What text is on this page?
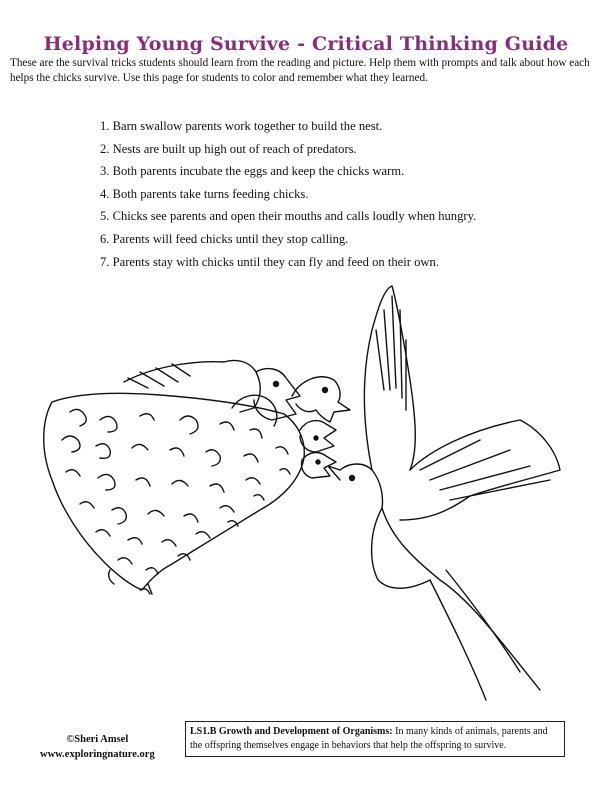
Helping Young Survive - Critical Thinking Guide
These are the survival tricks students should learn from the reading and picture. Help them with prompts and talk about how each helps the chicks survive. Use this page for students to color and remember what they learned.
1. Barn swallow parents work together to build the nest.
2. Nests are built up high out of reach of predators.
3. Both parents incubate the eggs and keep the chicks warm.
4. Both parents take turns feeding chicks.
5. Chicks see parents and open their mouths and calls loudly when hungry.
6. Parents will feed chicks until they stop calling.
7. Parents stay with chicks until they can fly and feed on their own.
©Sheri Amsel
www.exploringnature.org
LS1.B Growth and Development of Organisms: In many kinds of animals, parents and the offspring themselves engage in behaviors that help the offspring to survive.
